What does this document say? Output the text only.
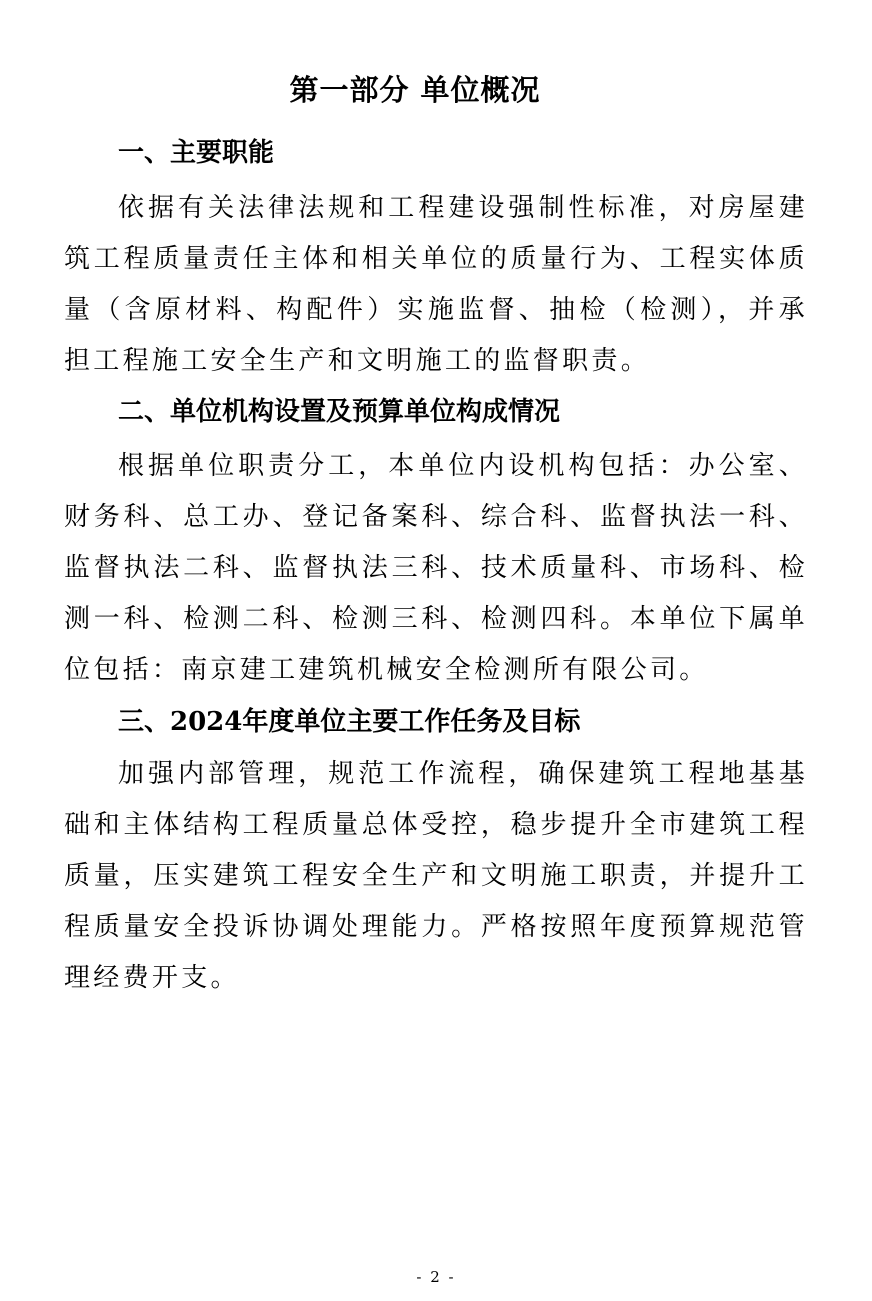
第一部分 单位概况
一、主要职能

依据有关法律法规和工程建设强制性标准，对房屋建筑工程质量责任主体和相关单位的质量行为、工程实体质量（含原材料、构配件）实施监督、抽检（检测），并承担工程施工安全生产和文明施工的监督职责。

二、单位机构设置及预算单位构成情况

根据单位职责分工，本单位内设机构包括：办公室、财务科、总工办、登记备案科、综合科、监督执法一科、监督执法二科、监督执法三科、技术质量科、市场科、检测一科、检测二科、检测三科、检测四科。本单位下属单位包括：南京建工建筑机械安全检测所有限公司。

三、2024年度单位主要工作任务及目标

加强内部管理，规范工作流程，确保建筑工程地基基础和主体结构工程质量总体受控，稳步提升全市建筑工程质量，压实建筑工程安全生产和文明施工职责，并提升工程质量安全投诉协调处理能力。严格按照年度预算规范管理经费开支。

- 2 -
